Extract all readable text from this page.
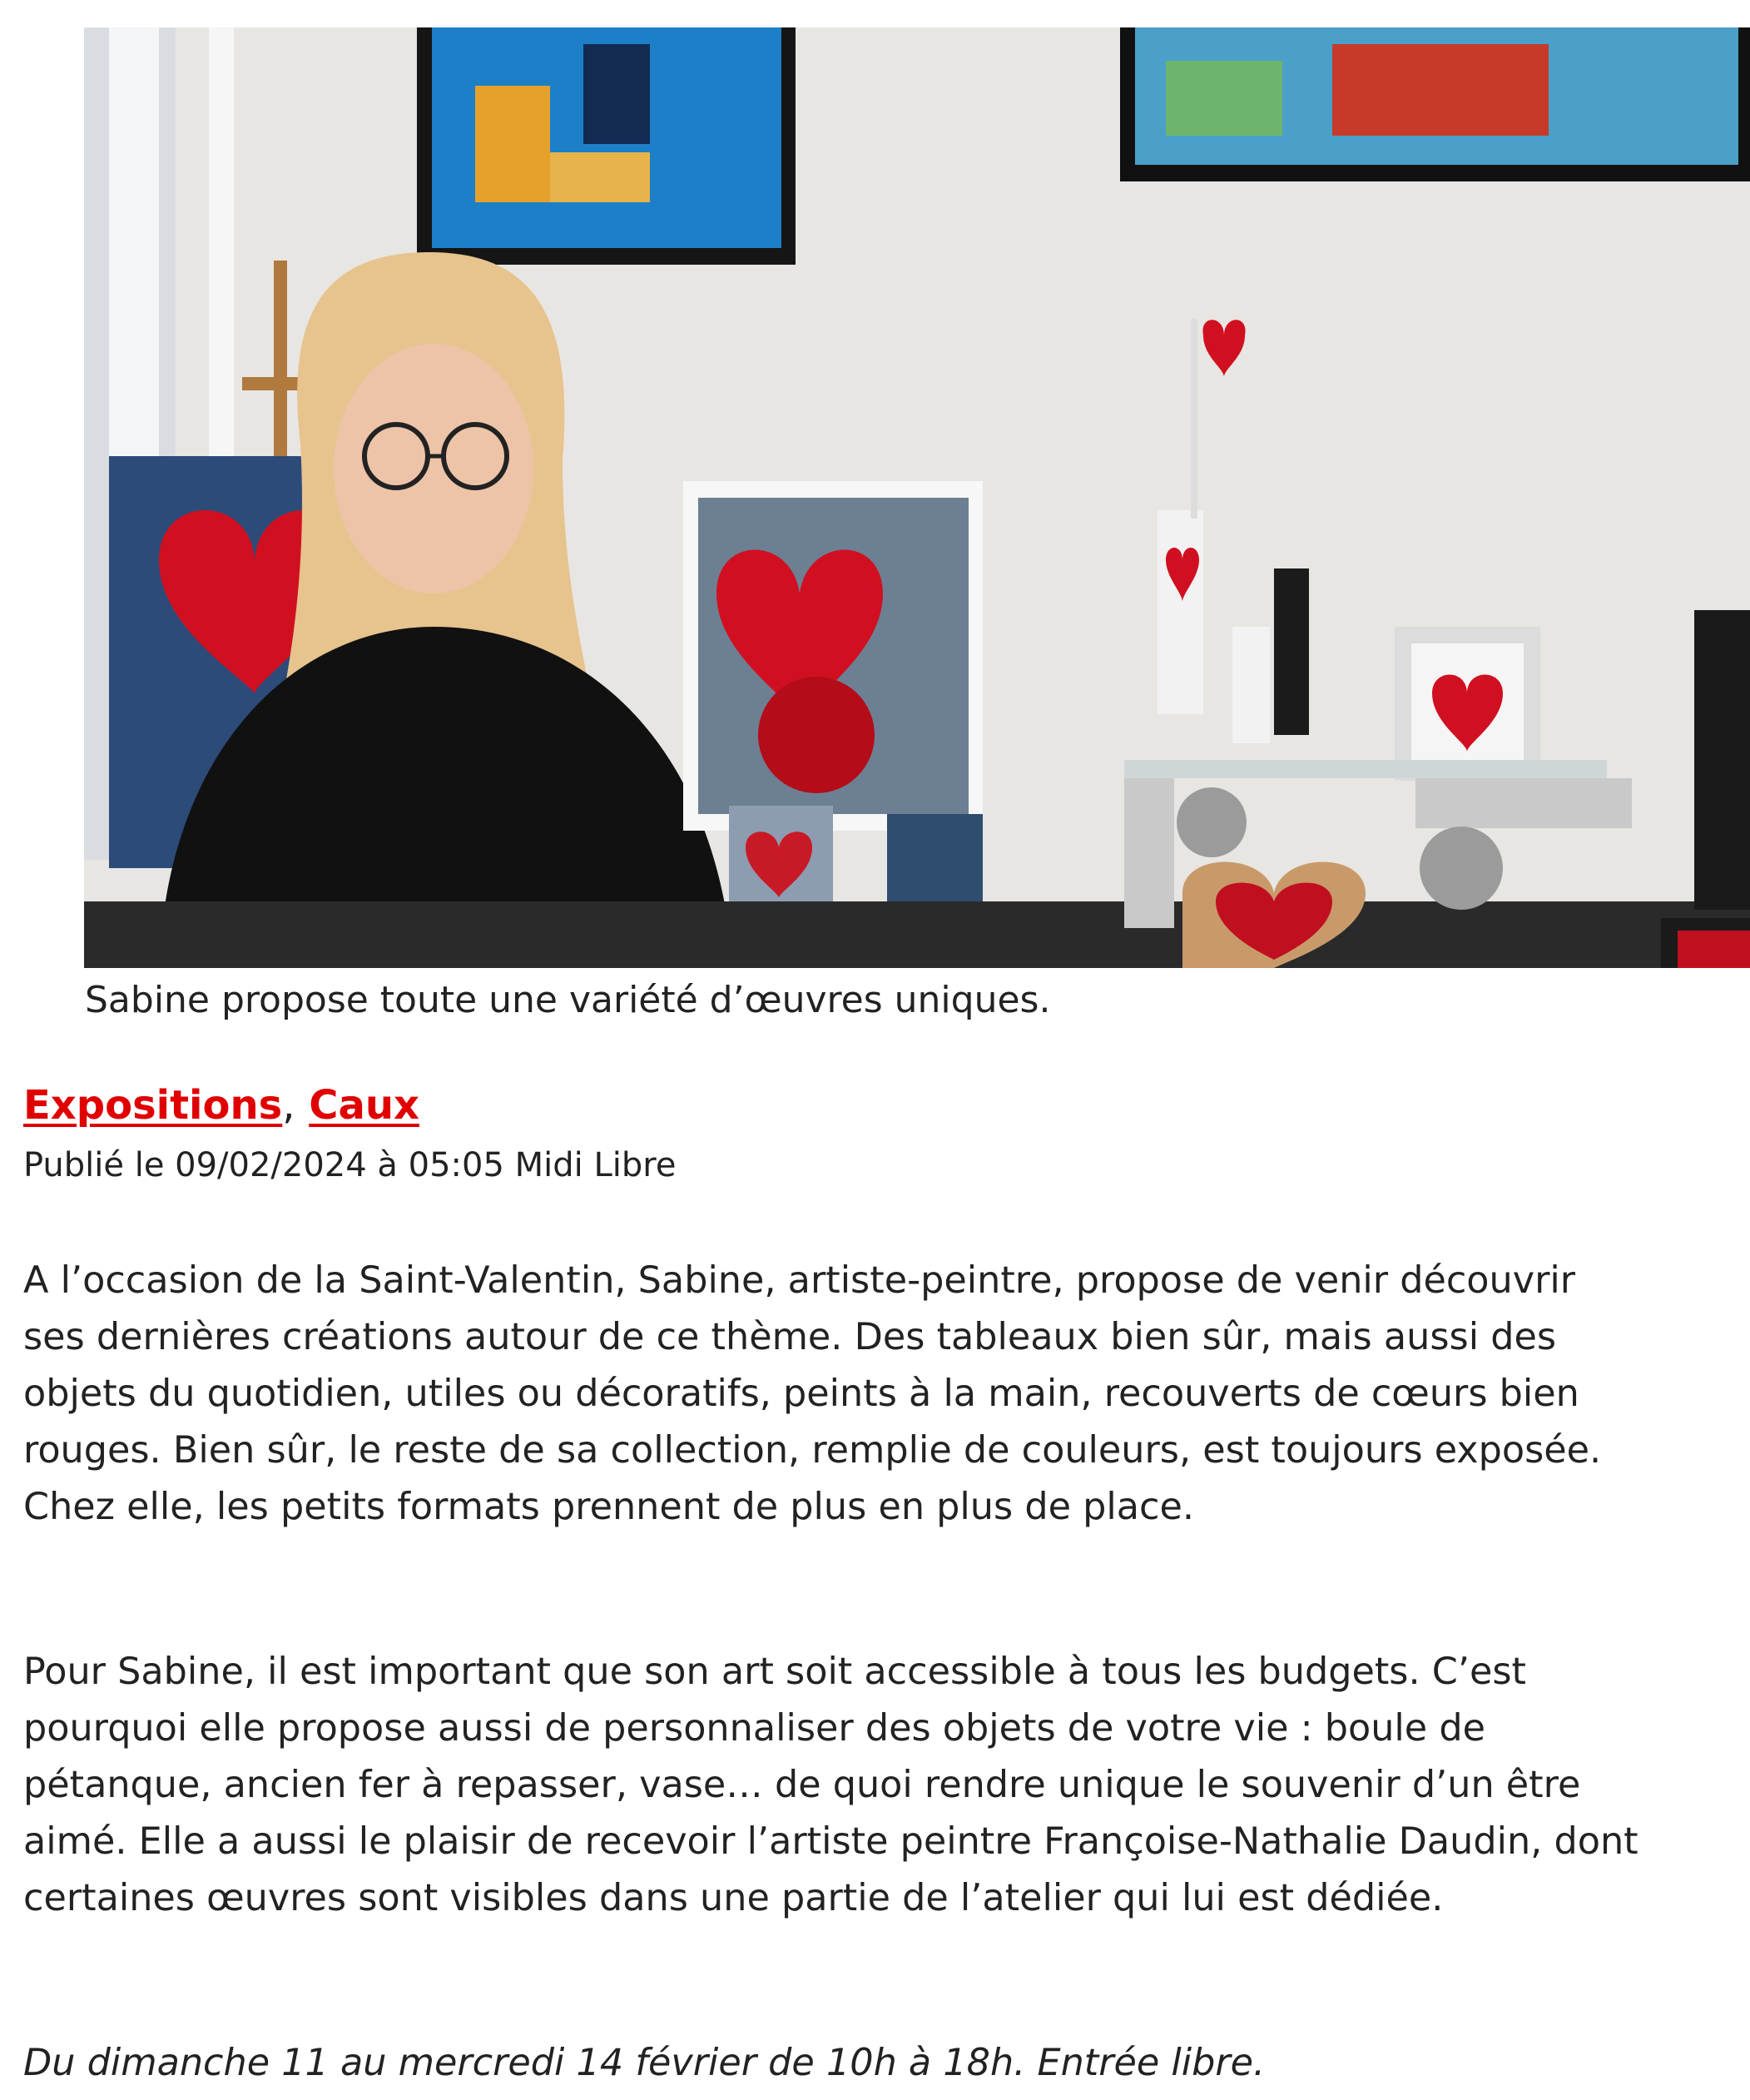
Sabine propose toute une variété d’œuvres uniques.
Expositions, Caux
Publié le 09/02/2024 à 05:05 Midi Libre

A l’occasion de la Saint-Valentin, Sabine, artiste-peintre, propose de venir découvrir ses dernières créations autour de ce thème. Des tableaux bien sûr, mais aussi des objets du quotidien, utiles ou décoratifs, peints à la main, recouverts de cœurs bien rouges. Bien sûr, le reste de sa collection, remplie de couleurs, est toujours exposée. Chez elle, les petits formats prennent de plus en plus de place.

Pour Sabine, il est important que son art soit accessible à tous les budgets. C’est pourquoi elle propose aussi de personnaliser des objets de votre vie : boule de pétanque, ancien fer à repasser, vase… de quoi rendre unique le souvenir d’un être aimé. Elle a aussi le plaisir de recevoir l’artiste peintre Françoise-Nathalie Daudin, dont certaines œuvres sont visibles dans une partie de l’atelier qui lui est dédiée.

Du dimanche 11 au mercredi 14 février de 10h à 18h. Entrée libre.
